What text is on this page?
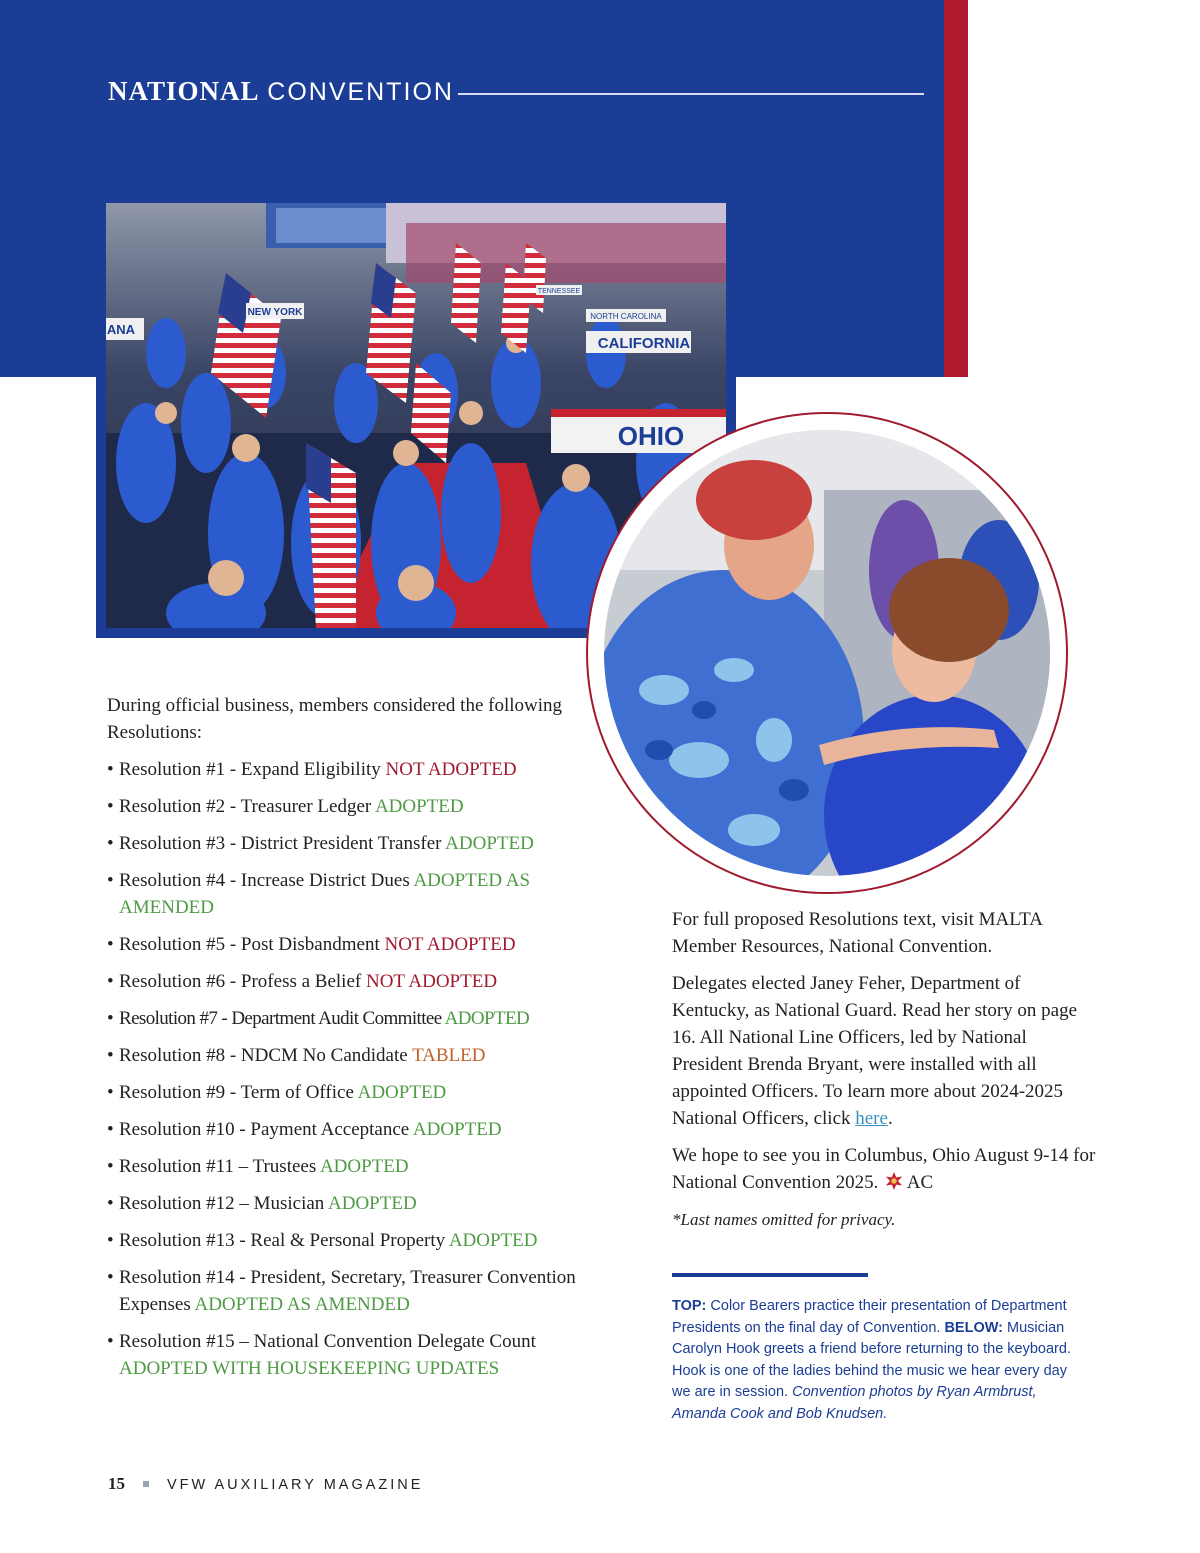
NATIONAL CONVENTION
NEW YORK
ANA
TENNESSEE
NORTH CAROLINA
CALIFORNIA
OHIO

During official business, members considered the following Resolutions:

• Resolution #1 - Expand Eligibility NOT ADOPTED
• Resolution #2 - Treasurer Ledger ADOPTED
• Resolution #3 - District President Transfer ADOPTED
• Resolution #4 - Increase District Dues ADOPTED AS AMENDED
• Resolution #5 - Post Disbandment NOT ADOPTED
• Resolution #6 - Profess a Belief NOT ADOPTED
• Resolution #7 - Department Audit Committee ADOPTED
• Resolution #8 - NDCM No Candidate TABLED
• Resolution #9 - Term of Office ADOPTED
• Resolution #10 - Payment Acceptance ADOPTED
• Resolution #11 – Trustees ADOPTED
• Resolution #12 – Musician ADOPTED
• Resolution #13 - Real & Personal Property ADOPTED
• Resolution #14 - President, Secretary, Treasurer Convention Expenses ADOPTED AS AMENDED
• Resolution #15 – National Convention Delegate Count ADOPTED WITH HOUSEKEEPING UPDATES

For full proposed Resolutions text, visit MALTA Member Resources, National Convention.

Delegates elected Janey Feher, Department of Kentucky, as National Guard. Read her story on page 16. All National Line Officers, led by National President Brenda Bryant, were installed with all appointed Officers. To learn more about 2024-2025 National Officers, click here.

We hope to see you in Columbus, Ohio August 9-14 for National Convention 2025.  AC

*Last names omitted for privacy.

TOP: Color Bearers practice their presentation of Department Presidents on the final day of Convention. BELOW: Musician Carolyn Hook greets a friend before returning to the keyboard. Hook is one of the ladies behind the music we hear every day we are in session. Convention photos by Ryan Armbrust, Amanda Cook and Bob Knudsen.
15	VFW AUXILIARY MAGAZINE
